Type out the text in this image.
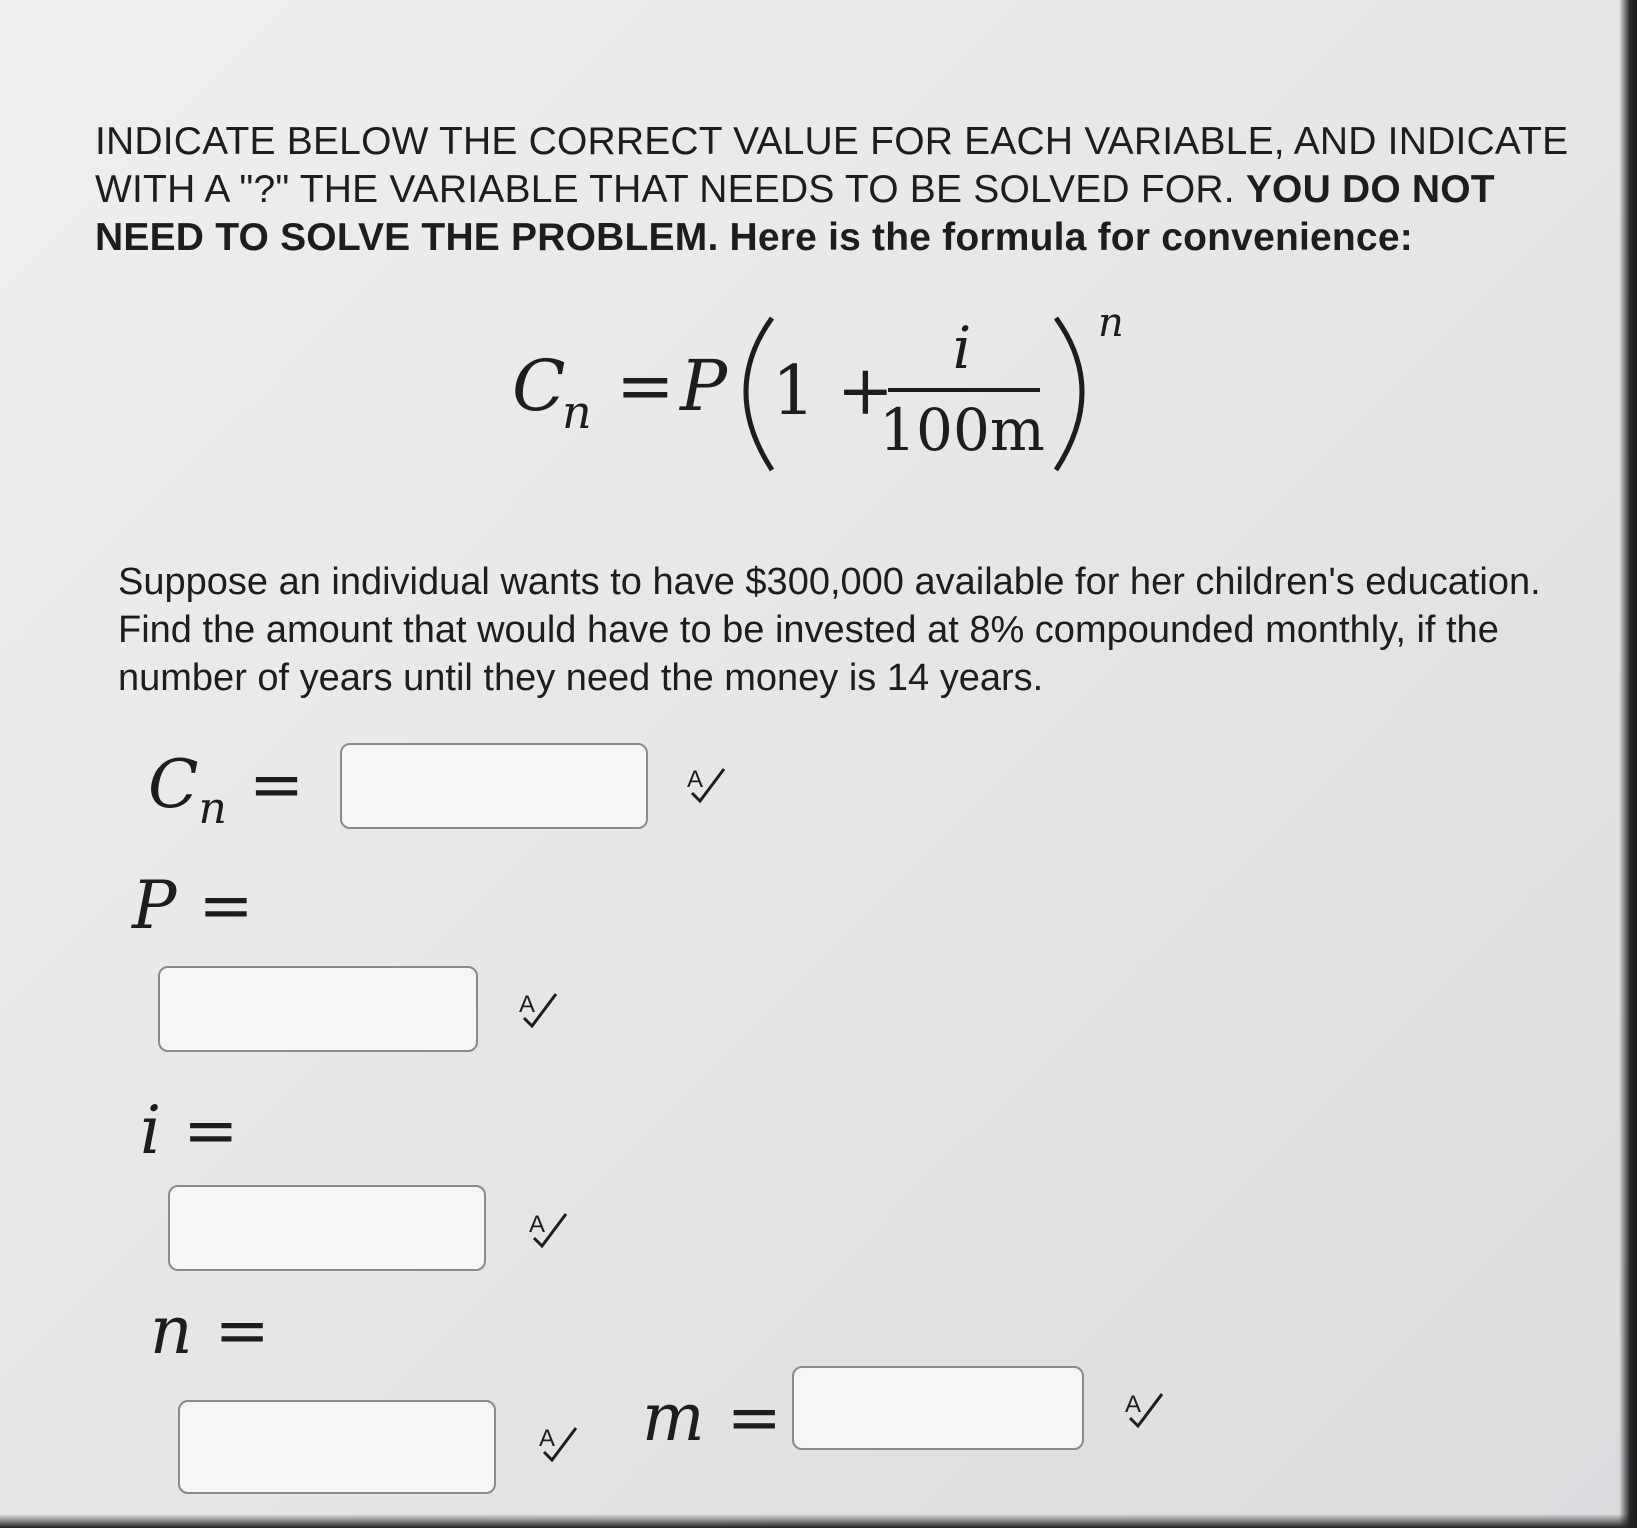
INDICATE BELOW THE CORRECT VALUE FOR EACH VARIABLE, AND INDICATE WITH A "?" THE VARIABLE THAT NEEDS TO BE SOLVED FOR. YOU DO NOT NEED TO SOLVE THE PROBLEM. Here is the formula for convenience:

C
n = P 1 +
i
100m
n

Suppose an individual wants to have $300,000 available for her children's education. Find the amount that would have to be invested at 8% compounded monthly, if the number of years until they need the money is 14 years.

$C_n$ =	A
P =
A
i =
A
n =
A m =	A
